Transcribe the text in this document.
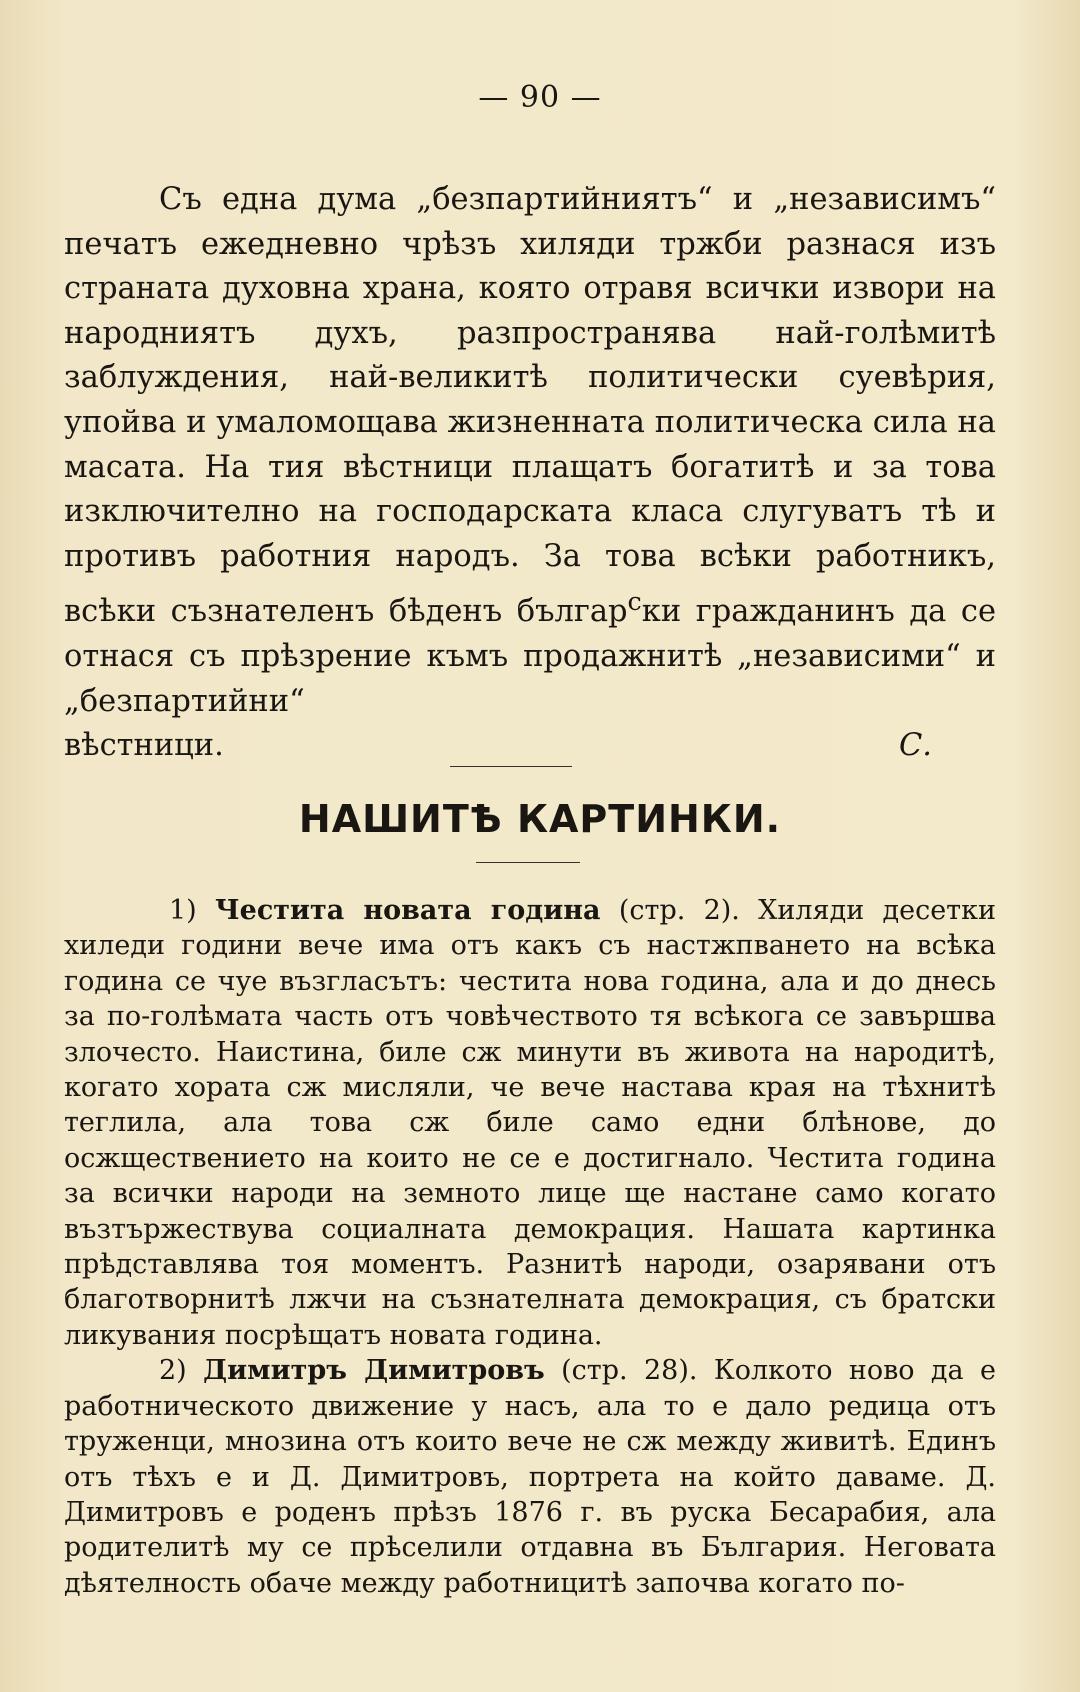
— 90 —
Съ една дума „безпартийниятъ“ и „независимъ“ печатъ ежедневно чрѣзъ хиляди тржби разнася изъ страната духовна храна, която отравя всички извори на народниятъ духъ, разпространява най-голѣмитѣ заблуждения, най-великитѣ политически суевѣрия, упойва и умаломощава жизненната политическа сила на масата. На тия вѣстници плащатъ богатитѣ и за това изключително на господарската класа слугуватъ тѣ и противъ работния народъ. За това всѣки работникъ, всѣки съзнателенъ бѣденъ българ$^с$ки гражданинъ да се отнася съ прѣзрение къмъ продажнитѣ „независими“ и „безпартийни“
вѣстници.	С.
НАШИТѢ КАРТИНКИ.

1) Честита новата година (стр. 2). Хиляди десетки хиледи години вече има отъ какъ съ настжпването на всѣка година се чуе възгласътъ: честита нова година, ала и до днесь за по-голѣмата часть отъ човѣчеството тя всѣкога се завършва злочесто. Наистина, биле сж минути въ живота на народитѣ, когато хората сж мисляли, че вече настава края на тѣхнитѣ теглила, ала това сж биле само едни блѣнове, до осжществението на които не се е достигнало. Честита година за всички народи на земното лице ще настане само когато възтържествува социалната демокрация. Нашата картинка прѣдставлява тоя моментъ. Разнитѣ народи, озарявани отъ благотворнитѣ лжчи на съзнателната демокрация, съ братски ликувания посрѣщатъ новата година.

2) Димитръ Димитровъ (стр. 28). Колкото ново да е работническото движение у насъ, ала то е дало редица отъ труженци, мнозина отъ които вече не сж между живитѣ. Единъ отъ тѣхъ е и Д. Димитровъ, портрета на който даваме. Д. Димитровъ е роденъ прѣзъ 1876 г. въ руска Бесарабия, ала родителитѣ му се прѣселили отдавна въ България. Неговата дѣятелность обаче между работницитѣ започва когато по-
